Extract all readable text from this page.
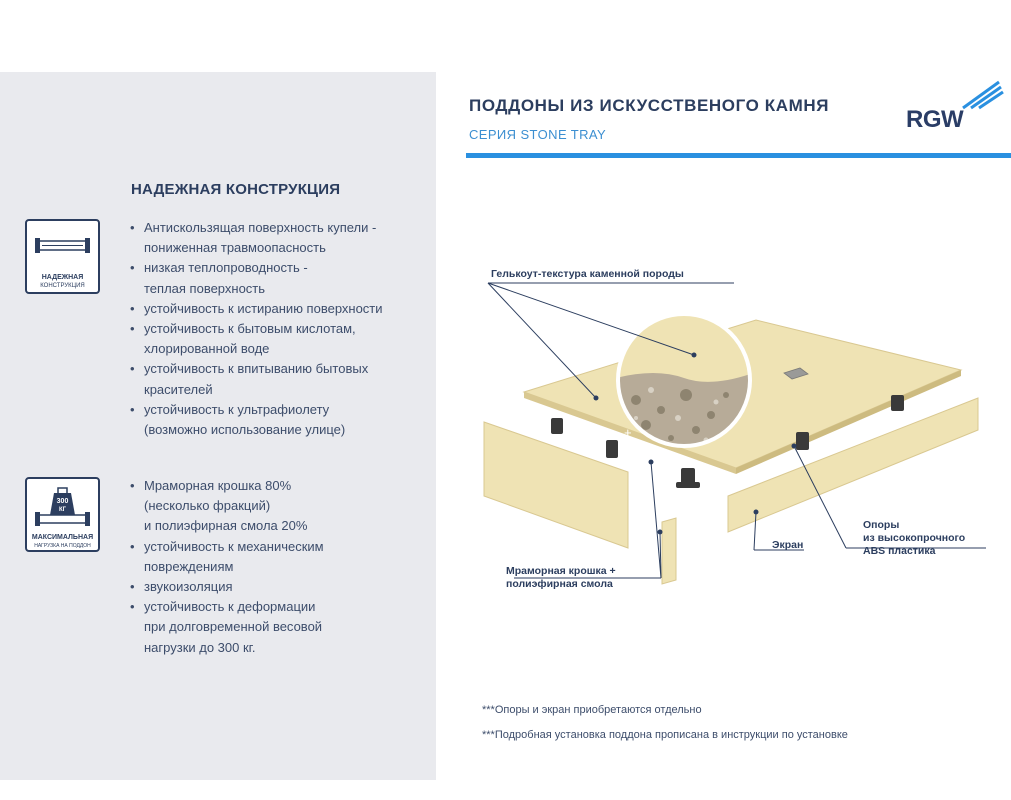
НАДЕЖНАЯ КОНСТРУКЦИЯ
НАДЕЖНАЯ
КОНСТРУКЦИЯ
• Антискользящая поверхность купели -
пониженная травмоопасность
• низкая теплопроводность -
теплая поверхность
• устойчивость к истиранию поверхности
• устойчивость к бытовым кислотам,
хлорированной воде
• устойчивость к впитыванию бытовых
красителей
• устойчивость к ультрафиолету
(возможно использование улице)
300
КГ
МАКСИМАЛЬНАЯ
НАГРУЗКА НА ПОДДОН
• Мраморная крошка 80%
(несколько фракций)
и полиэфирная смола 20%
• устойчивость к механическим
повреждениям
• звукоизоляция
• устойчивость к деформации
при долговременной весовой
нагрузки до 300 кг.
ПОДДОНЫ ИЗ ИСКУССТВЕНОГО КАМНЯ
СЕРИЯ STONE TRAY
RGW
Гелькоут-текстура каменной породы
Мраморная крошка +
полиэфирная смола
Экран
Опоры
из высокопрочного
ABS пластика
+
***Опоры и экран приобретаются отдельно
***Подробная установка поддона прописана в инструкции по установке
